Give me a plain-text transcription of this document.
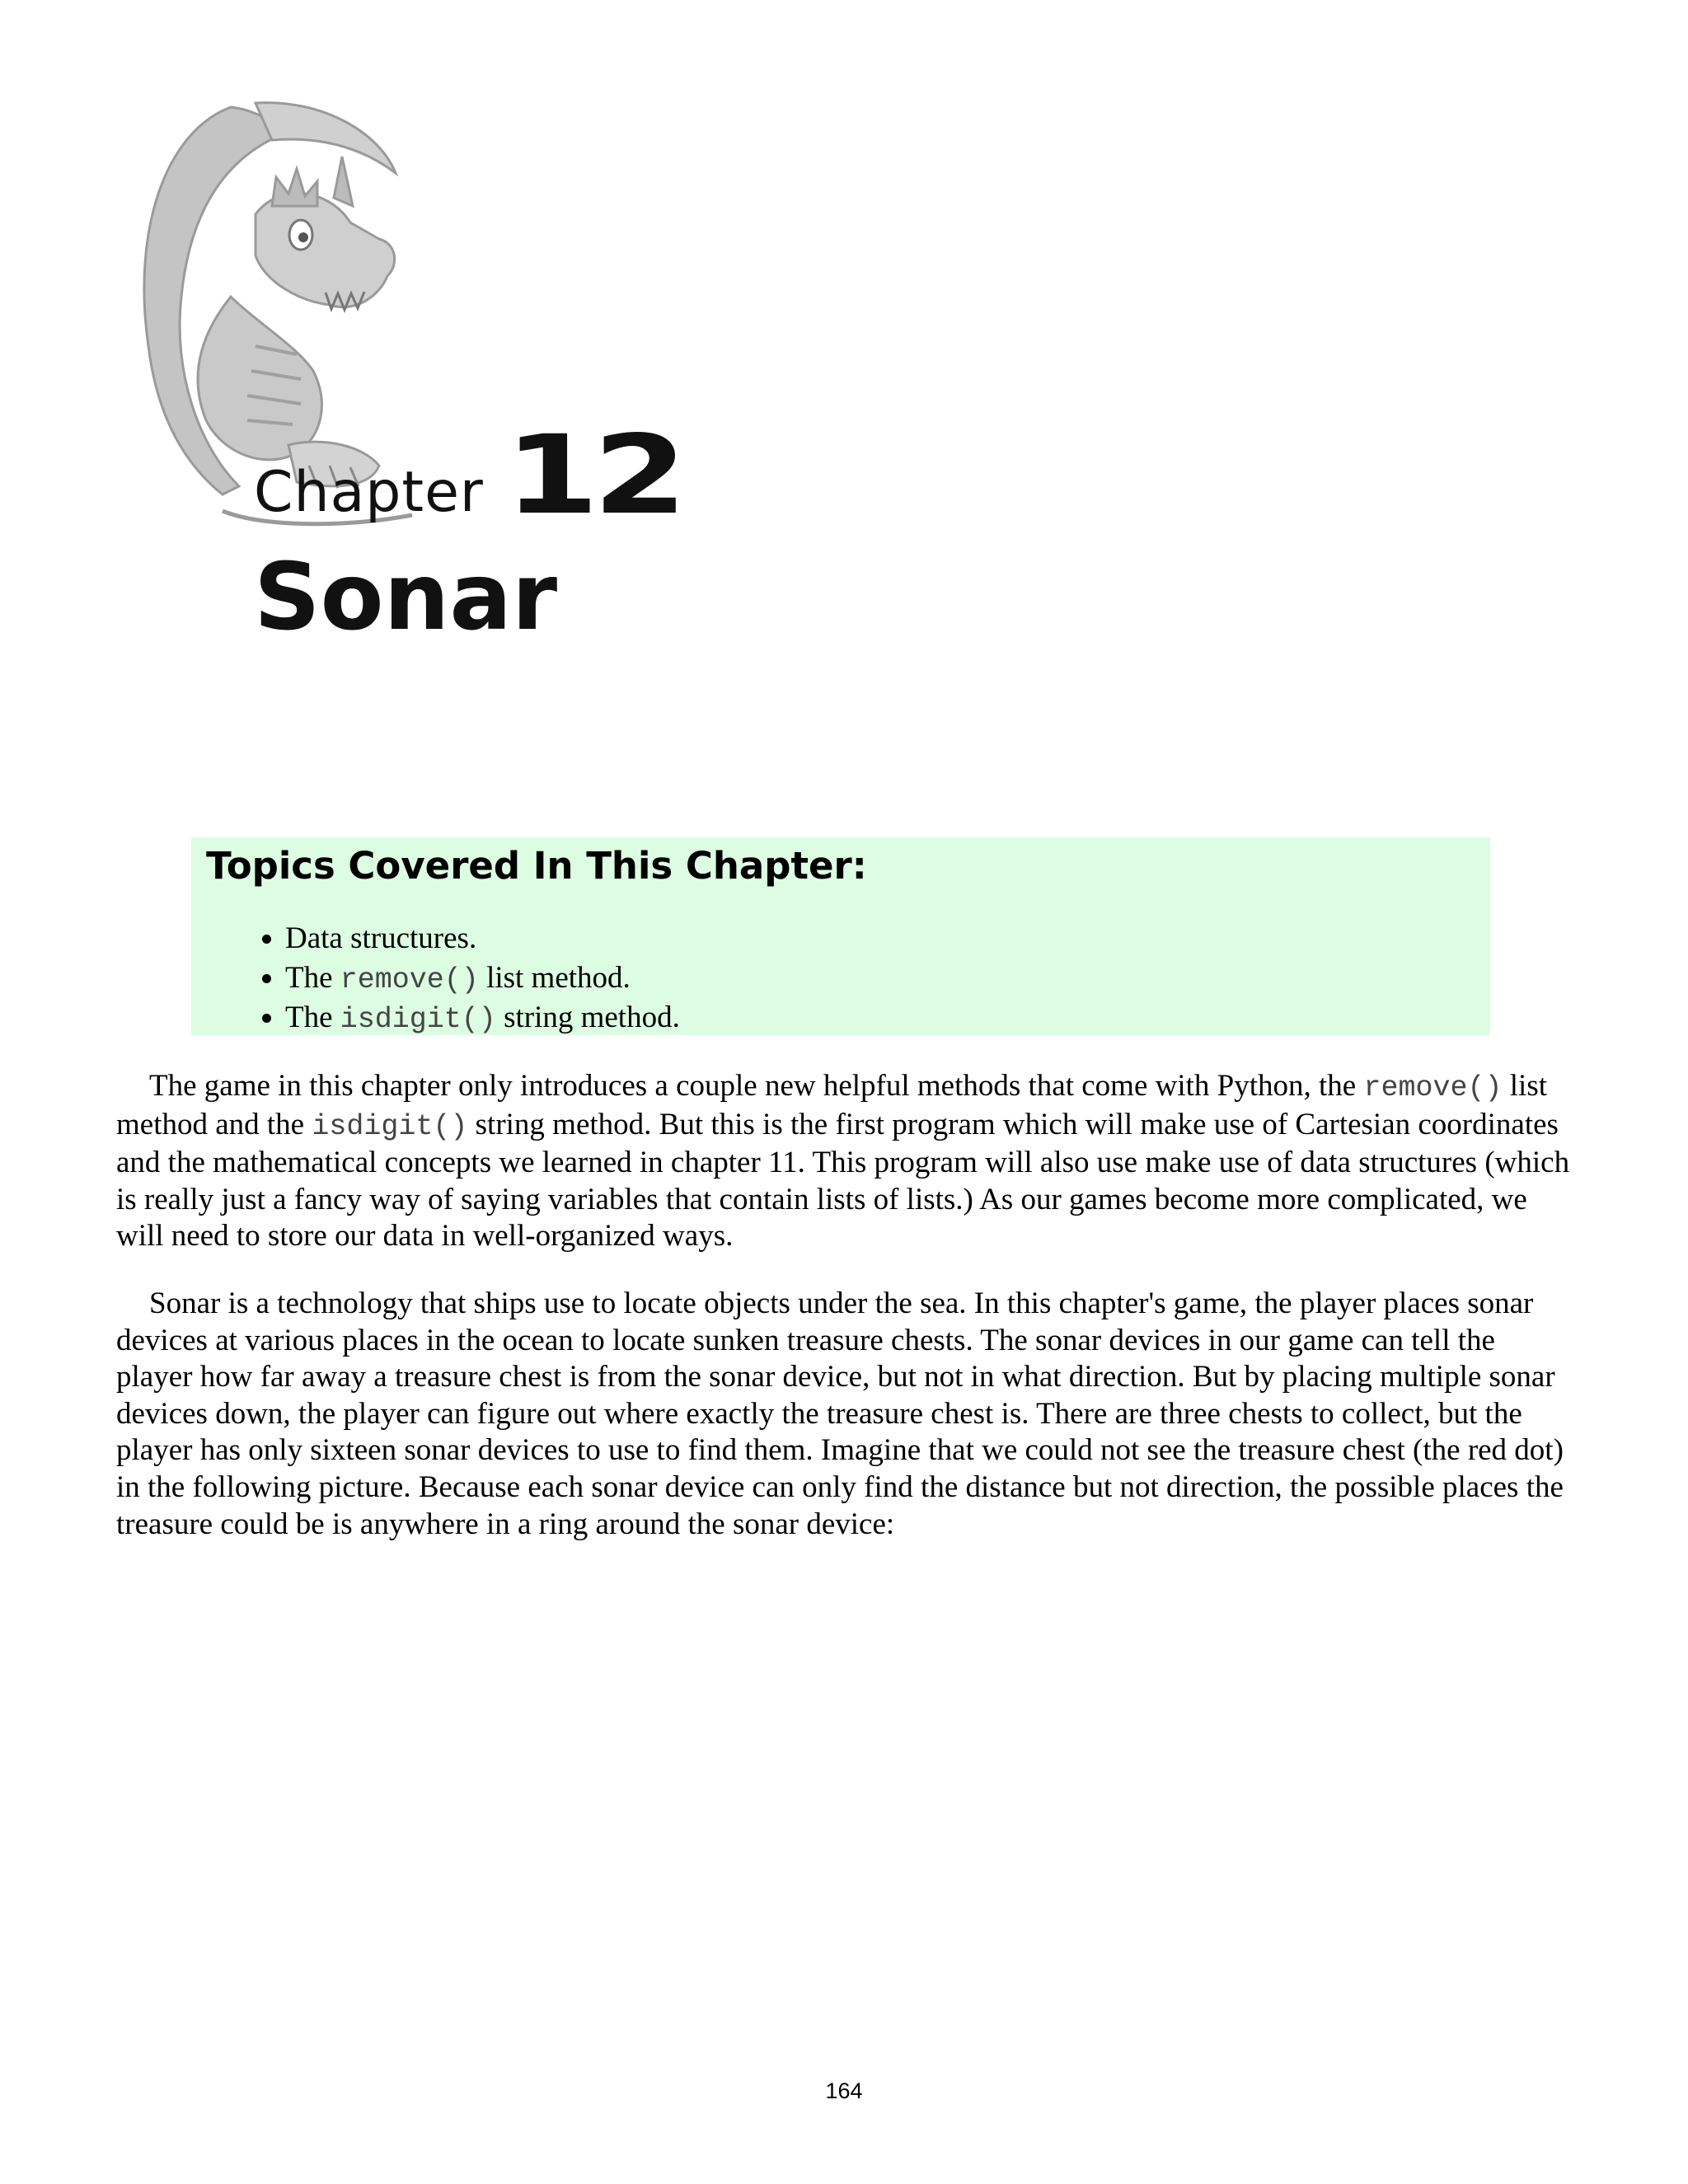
Chapter 12
Sonar
Topics Covered In This Chapter:
• Data structures.
• The remove() list method.
• The isdigit() string method.

The game in this chapter only introduces a couple new helpful methods that come with Python, the remove() list method and the isdigit() string method. But this is the first program which will make use of Cartesian coordinates and the mathematical concepts we learned in chapter 11. This program will also use make use of data structures (which is really just a fancy way of saying variables that contain lists of lists.) As our games become more complicated, we will need to store our data in well-organized ways.

Sonar is a technology that ships use to locate objects under the sea. In this chapter's game, the player places sonar devices at various places in the ocean to locate sunken treasure chests. The sonar devices in our game can tell the player how far away a treasure chest is from the sonar device, but not in what direction. But by placing multiple sonar devices down, the player can figure out where exactly the treasure chest is. There are three chests to collect, but the player has only sixteen sonar devices to use to find them. Imagine that we could not see the treasure chest (the red dot) in the following picture. Because each sonar device can only find the distance but not direction, the possible places the treasure could be is anywhere in a ring around the sonar device:

164
